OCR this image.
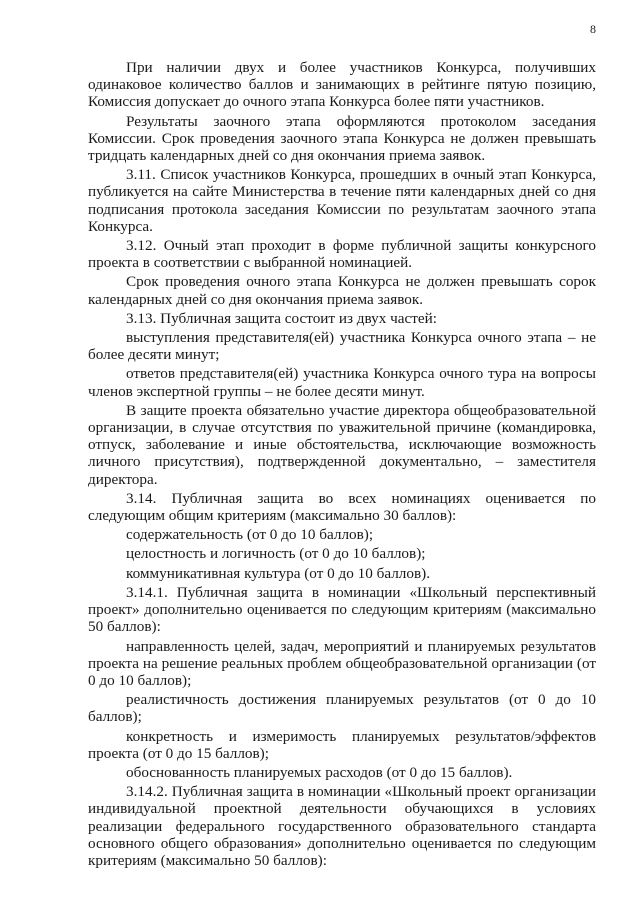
8

При наличии двух и более участников Конкурса, получивших одинаковое количество баллов и занимающих в рейтинге пятую позицию, Комиссия допускает до очного этапа Конкурса более пяти участников.

Результаты заочного этапа оформляются протоколом заседания Комиссии. Срок проведения заочного этапа Конкурса не должен превышать тридцать календарных дней со дня окончания приема заявок.

3.11. Список участников Конкурса, прошедших в очный этап Конкурса, публикуется на сайте Министерства в течение пяти календарных дней со дня подписания протокола заседания Комиссии по результатам заочного этапа Конкурса.

3.12. Очный этап проходит в форме публичной защиты конкурсного проекта в соответствии с выбранной номинацией.

Срок проведения очного этапа Конкурса не должен превышать сорок календарных дней со дня окончания приема заявок.

3.13. Публичная защита состоит из двух частей:

выступления представителя(ей) участника Конкурса очного этапа – не более десяти минут;

ответов представителя(ей) участника Конкурса очного тура на вопросы членов экспертной группы – не более десяти минут.

В защите проекта обязательно участие директора общеобразовательной организации, в случае отсутствия по уважительной причине (командировка, отпуск, заболевание и иные обстоятельства, исключающие возможность личного присутствия), подтвержденной документально, – заместителя директора.

3.14. Публичная защита во всех номинациях оценивается по следующим общим критериям (максимально 30 баллов):

содержательность (от 0 до 10 баллов);

целостность и логичность (от 0 до 10 баллов);

коммуникативная культура (от 0 до 10 баллов).

3.14.1. Публичная защита в номинации «Школьный перспективный проект» дополнительно оценивается по следующим критериям (максимально 50 баллов):

направленность целей, задач, мероприятий и планируемых результатов проекта на решение реальных проблем общеобразовательной организации (от 0 до 10 баллов);

реалистичность достижения планируемых результатов (от 0 до 10 баллов);

конкретность и измеримость планируемых результатов/эффектов проекта (от 0 до 15 баллов);

обоснованность планируемых расходов (от 0 до 15 баллов).

3.14.2. Публичная защита в номинации «Школьный проект организации индивидуальной проектной деятельности обучающихся в условиях реализации федерального государственного образовательного стандарта основного общего образования» дополнительно оценивается по следующим критериям (максимально 50 баллов):
